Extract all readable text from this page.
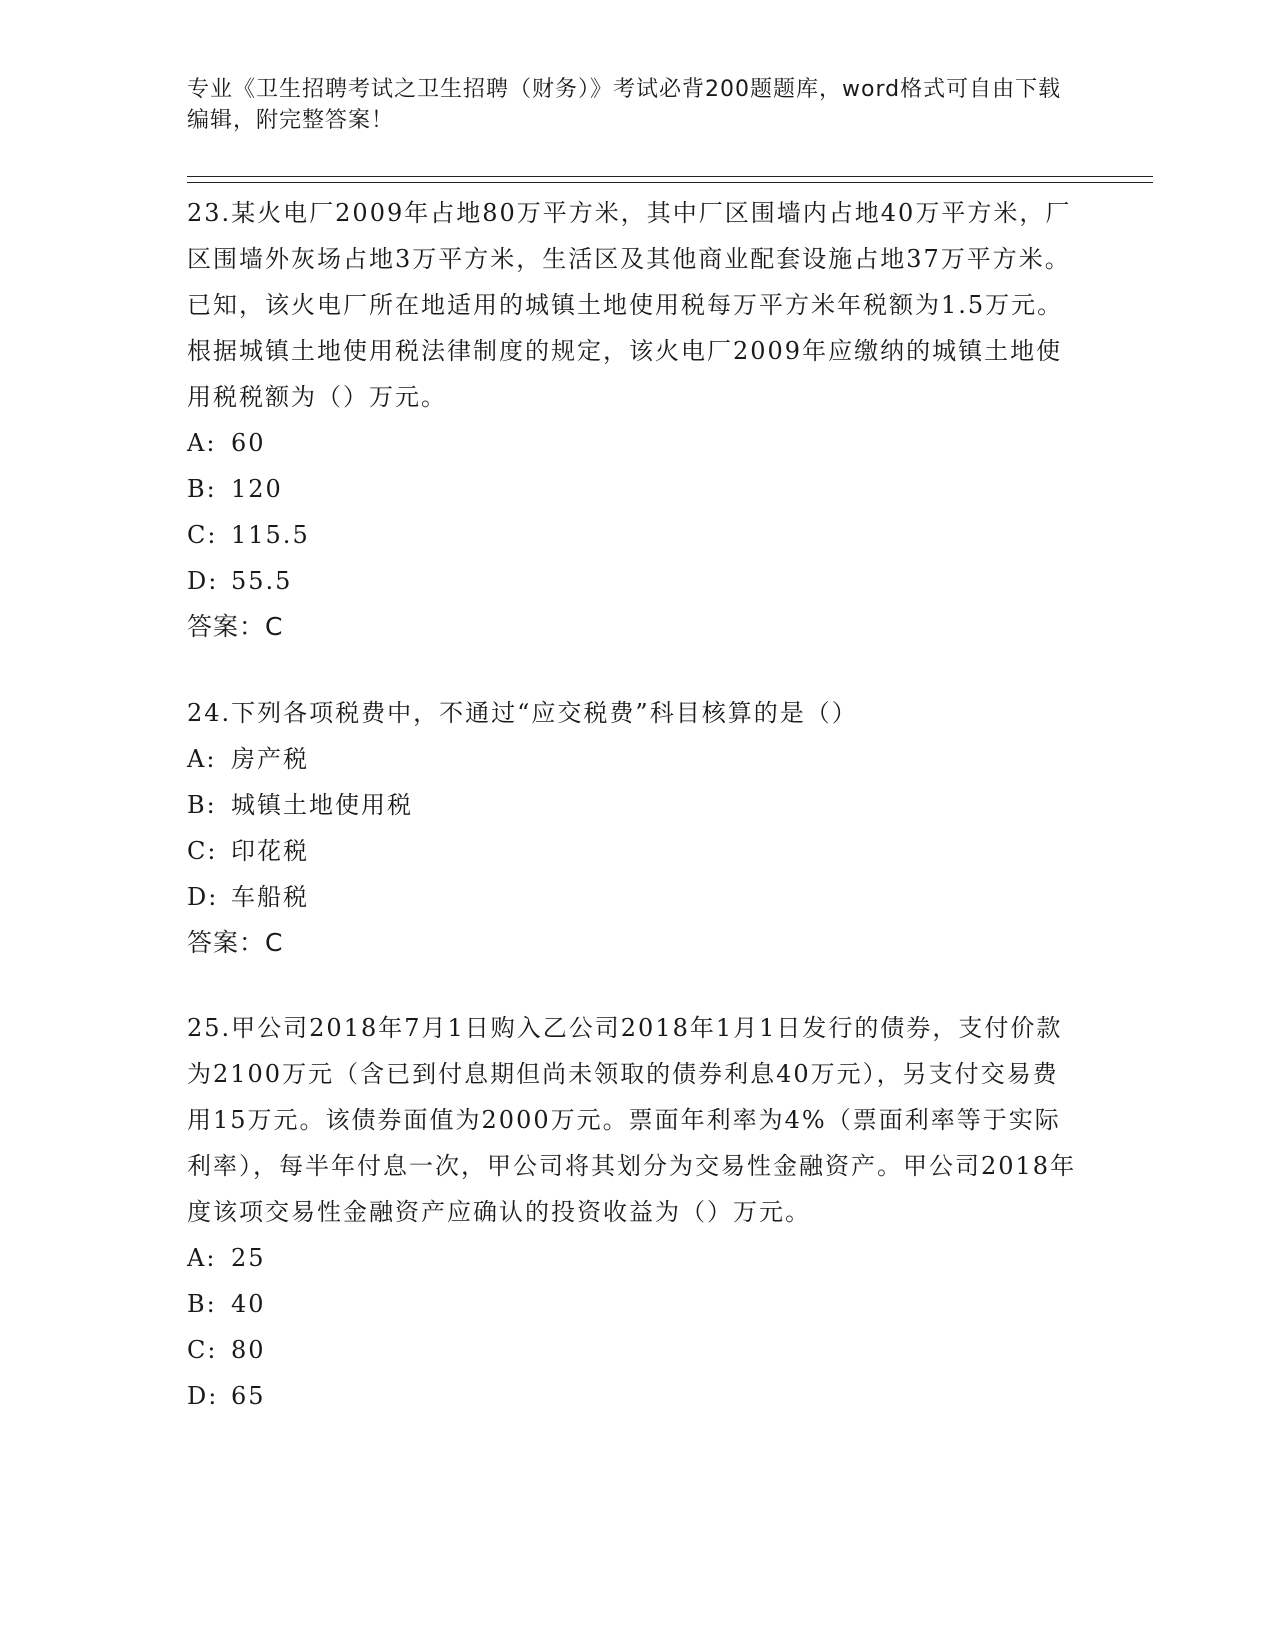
专业《卫生招聘考试之卫生招聘（财务）》考试必背200题题库，word格式可自由下载编辑，附完整答案！

23.某火电厂2009年占地80万平方米，其中厂区围墙内占地40万平方米，厂区围墙外灰场占地3万平方米，生活区及其他商业配套设施占地37万平方米。已知，该火电厂所在地适用的城镇土地使用税每万平方米年税额为1.5万元。根据城镇土地使用税法律制度的规定，该火电厂2009年应缴纳的城镇土地使用税税额为（）万元。

A: 60
B: 120
C: 115.5
D: 55.5
答案：C

24.下列各项税费中，不通过“应交税费”科目核算的是（）

A: 房产税
B: 城镇土地使用税
C: 印花税
D: 车船税
答案：C

25.甲公司2018年7月1日购入乙公司2018年1月1日发行的债券，支付价款为2100万元（含已到付息期但尚未领取的债券利息40万元），另支付交易费用15万元。该债券面值为2000万元。票面年利率为4%（票面利率等于实际利率），每半年付息一次，甲公司将其划分为交易性金融资产。甲公司2018年度该项交易性金融资产应确认的投资收益为（）万元。

A: 25
B: 40
C: 80
D: 65
